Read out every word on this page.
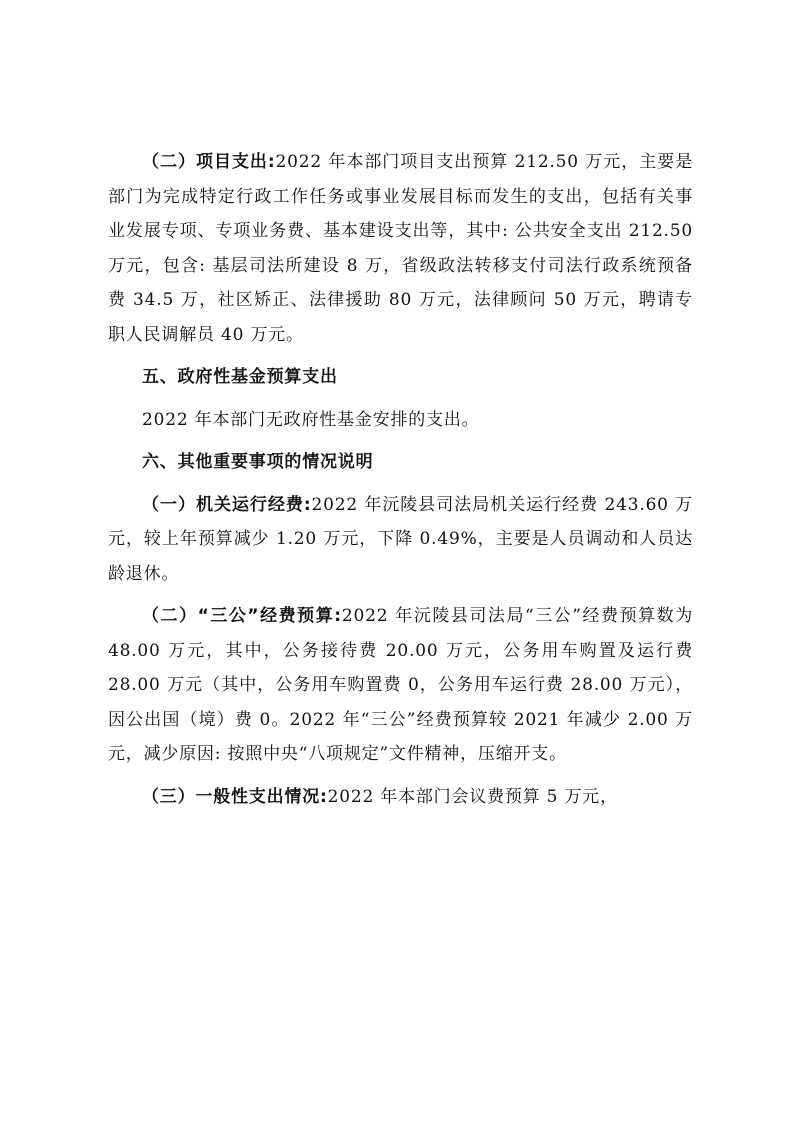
（二）项目支出:2022 年本部门项目支出预算 212.50 万元，主要是部门为完成特定行政工作任务或事业发展目标而发生的支出，包括有关事业发展专项、专项业务费、基本建设支出等，其中: 公共安全支出 212.50 万元，包含: 基层司法所建设 8 万，省级政法转移支付司法行政系统预备费 34.5 万，社区矫正、法律援助 80 万元，法律顾问 50 万元，聘请专职人民调解员 40 万元。

五、政府性基金预算支出

2022 年本部门无政府性基金安排的支出。

六、其他重要事项的情况说明

（一）机关运行经费:2022 年沅陵县司法局机关运行经费 243.60 万元，较上年预算减少 1.20 万元，下降 0.49%，主要是人员调动和人员达龄退休。

（二）“三公”经费预算:2022 年沅陵县司法局“三公”经费预算数为 48.00 万元，其中，公务接待费 20.00 万元，公务用车购置及运行费 28.00 万元（其中，公务用车购置费 0，公务用车运行费 28.00 万元），因公出国（境）费 0。2022 年“三公”经费预算较 2021 年减少 2.00 万元，减少原因: 按照中央“八项规定”文件精神，压缩开支。

（三）一般性支出情况:2022 年本部门会议费预算 5 万元，
